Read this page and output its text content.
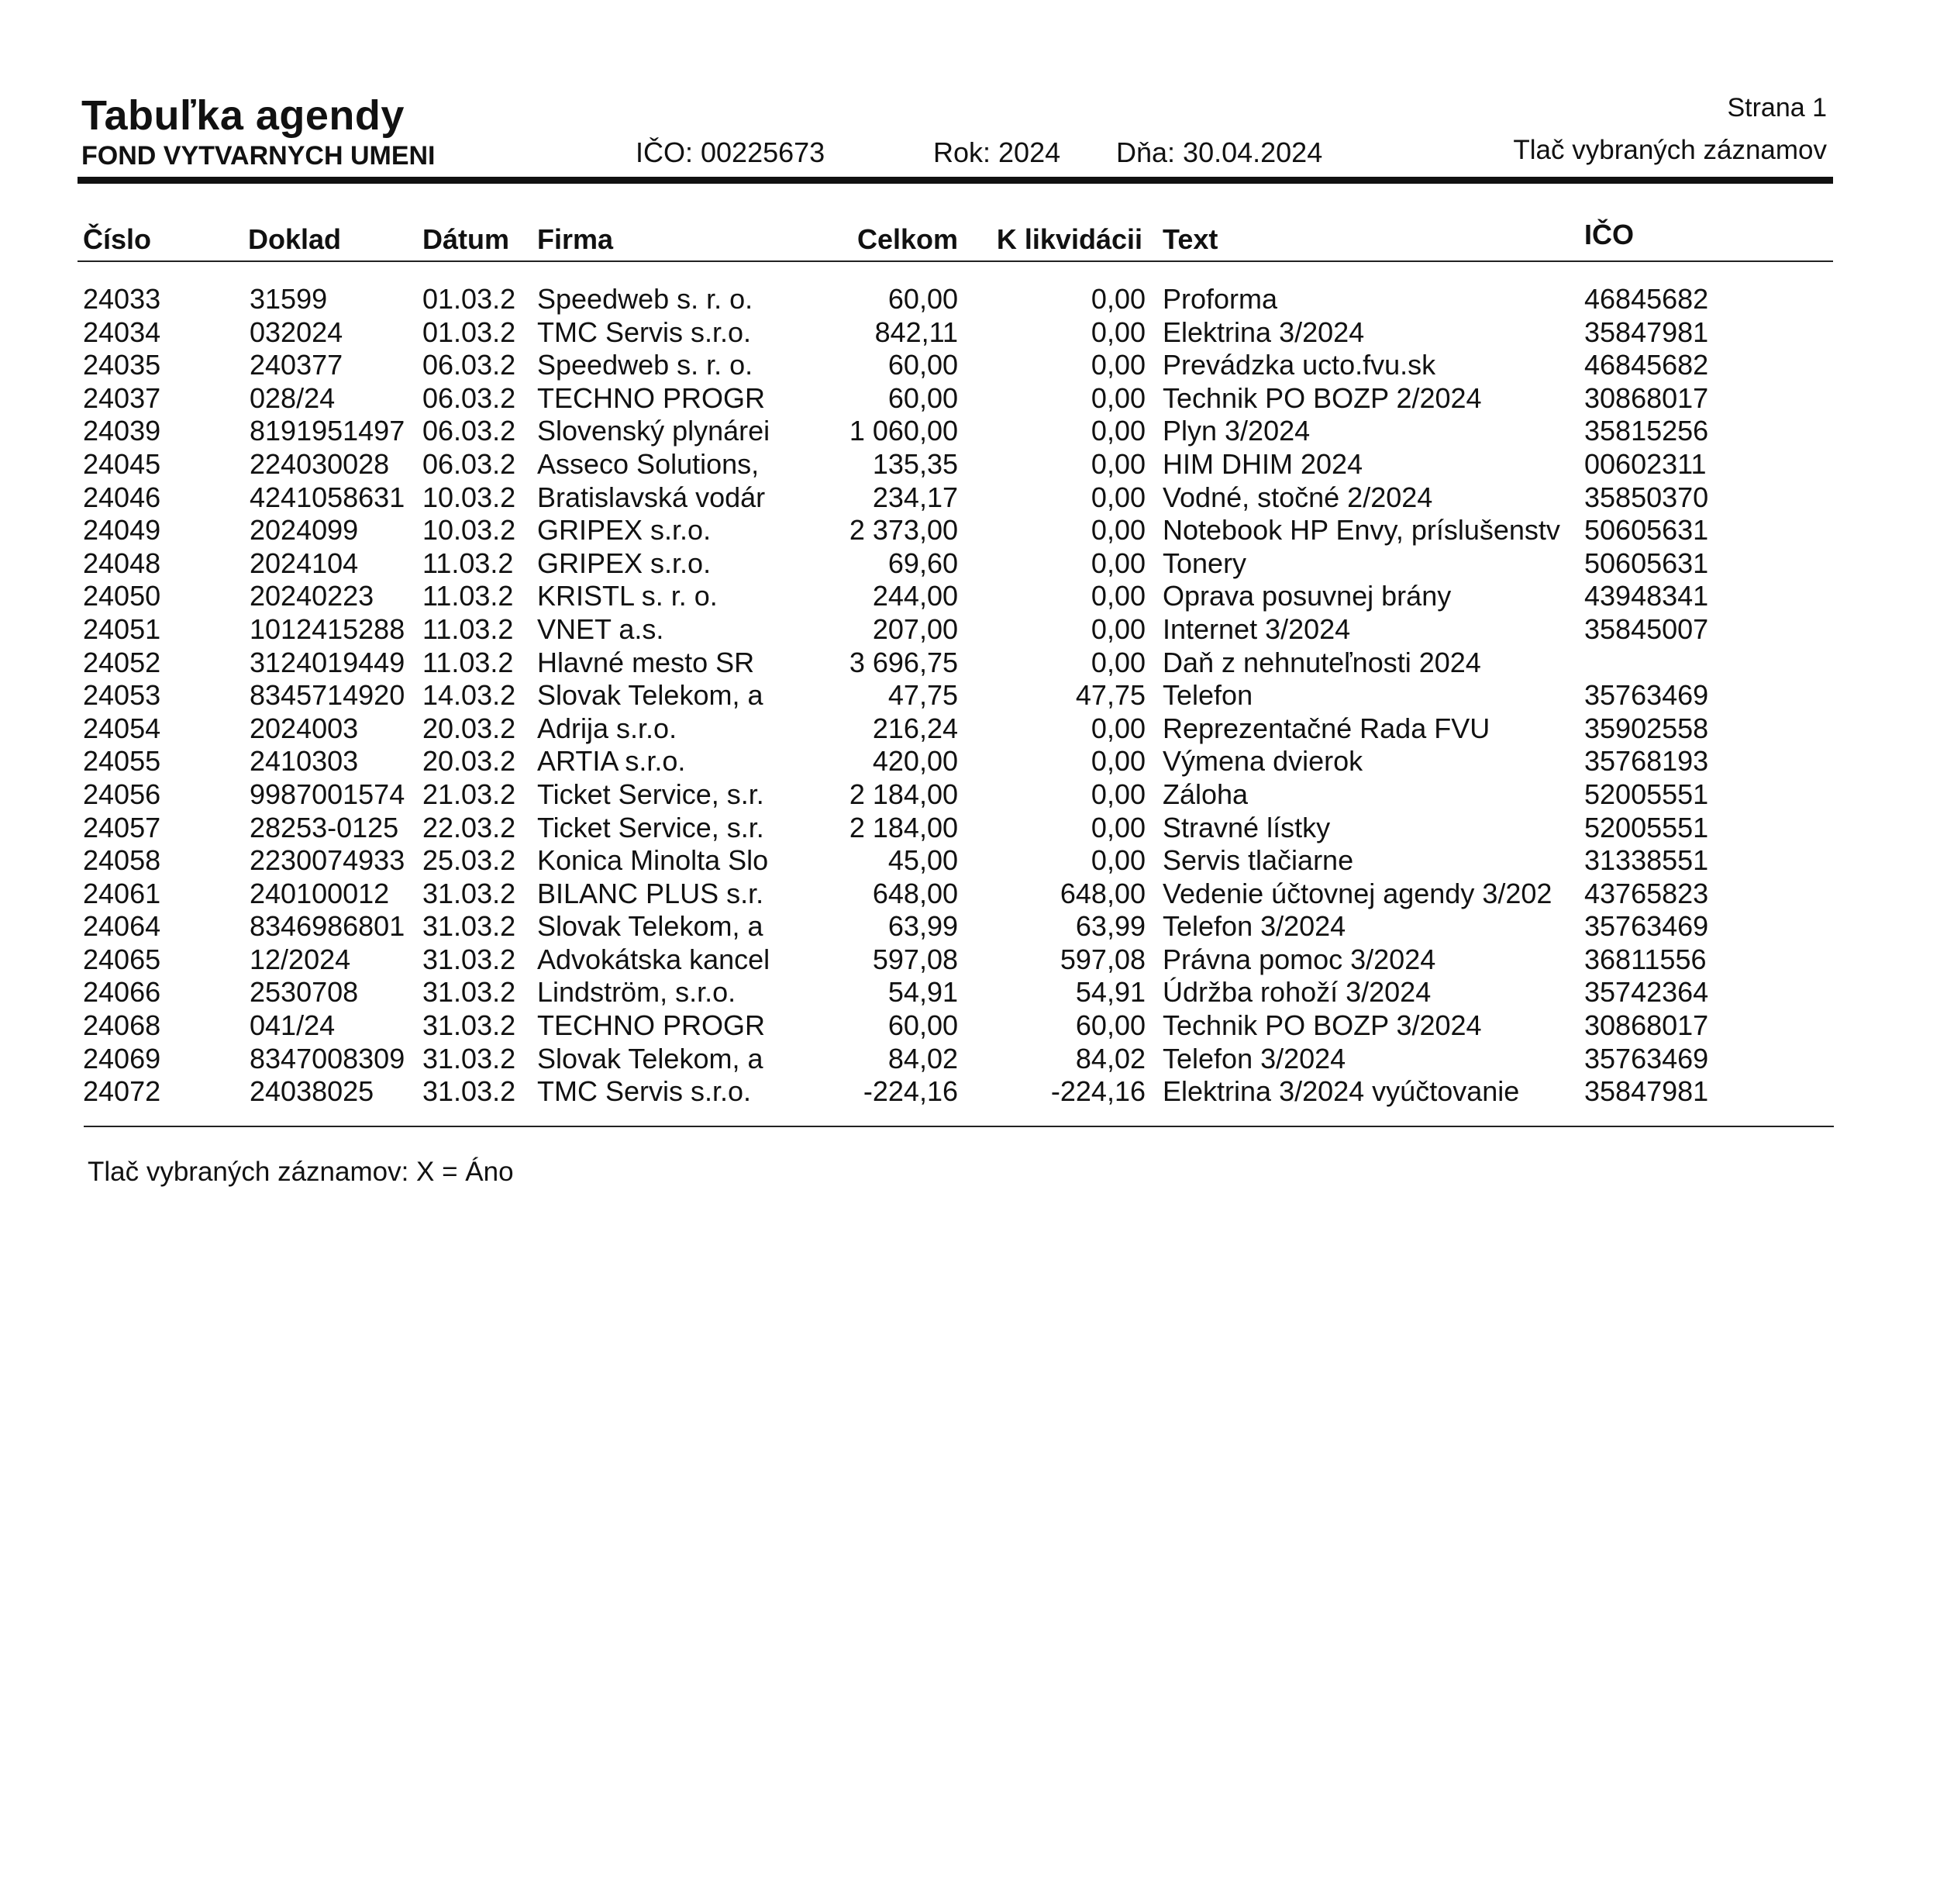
Tabuľka agendy
FOND VYTVARNYCH UMENI	IČO: 00225673	Rok: 2024 Dňa: 30.04.2024
Strana 1
Tlač vybraných záznamov
Číslo	Doklad	Dátum Firma	Celkom	K likvidácii Text	IČO
24033	31599	01.03.2 Speedweb s. r. o.	60,00	0,00 Proforma	46845682
24034	032024	01.03.2 TMC Servis s.r.o.	842,11	0,00 Elektrina 3/2024	35847981
24035	240377	06.03.2 Speedweb s. r. o.	60,00	0,00 Prevádzka ucto.fvu.sk	46845682
24037	028/24	06.03.2 TECHNO PROGR	60,00	0,00 Technik PO BOZP 2/2024	30868017
24039	8191951497 06.03.2 Slovenský plynárei	1 060,00	0,00 Plyn 3/2024	35815256
24045	224030028	06.03.2 Asseco Solutions,	135,35	0,00 HIM DHIM 2024	00602311
24046	4241058631 10.03.2 Bratislavská vodár	234,17	0,00 Vodné, stočné 2/2024	35850370
24049	2024099	10.03.2 GRIPEX s.r.o.	2 373,00	0,00 Notebook HP Envy, príslušenstv 50605631
24048	2024104	11.03.2 GRIPEX s.r.o.	69,60	0,00 Tonery	50605631
24050	20240223	11.03.2 KRISTL s. r. o.	244,00	0,00 Oprava posuvnej brány	43948341
24051	1012415288 11.03.2 VNET a.s.	207,00	0,00 Internet 3/2024	35845007
24052	3124019449 11.03.2 Hlavné mesto SR	3 696,75	0,00 Daň z nehnuteľnosti 2024
24053	8345714920 14.03.2 Slovak Telekom, a	47,75	47,75 Telefon	35763469
24054	2024003	20.03.2 Adrija s.r.o.	216,24	0,00 Reprezentačné Rada FVU	35902558
24055	2410303	20.03.2 ARTIA s.r.o.	420,00	0,00 Výmena dvierok	35768193
24056	9987001574 21.03.2 Ticket Service, s.r.	2 184,00	0,00 Záloha	52005551
24057	28253-0125 22.03.2 Ticket Service, s.r.	2 184,00	0,00 Stravné lístky	52005551
24058	2230074933 25.03.2 Konica Minolta Slo	45,00	0,00 Servis tlačiarne	31338551
24061	240100012	31.03.2 BILANC PLUS s.r.	648,00	648,00 Vedenie účtovnej agendy 3/202	43765823
24064	8346986801 31.03.2 Slovak Telekom, a	63,99	63,99 Telefon 3/2024	35763469
24065	12/2024	31.03.2 Advokátska kancel	597,08	597,08 Právna pomoc 3/2024	36811556
24066	2530708	31.03.2 Lindström, s.r.o.	54,91	54,91 Údržba rohoží 3/2024	35742364
24068	041/24	31.03.2 TECHNO PROGR	60,00	60,00 Technik PO BOZP 3/2024	30868017
24069	8347008309 31.03.2 Slovak Telekom, a	84,02	84,02 Telefon 3/2024	35763469
24072	24038025	31.03.2 TMC Servis s.r.o.	-224,16	-224,16 Elektrina 3/2024 vyúčtovanie	35847981
Tlač vybraných záznamov: X = Áno
